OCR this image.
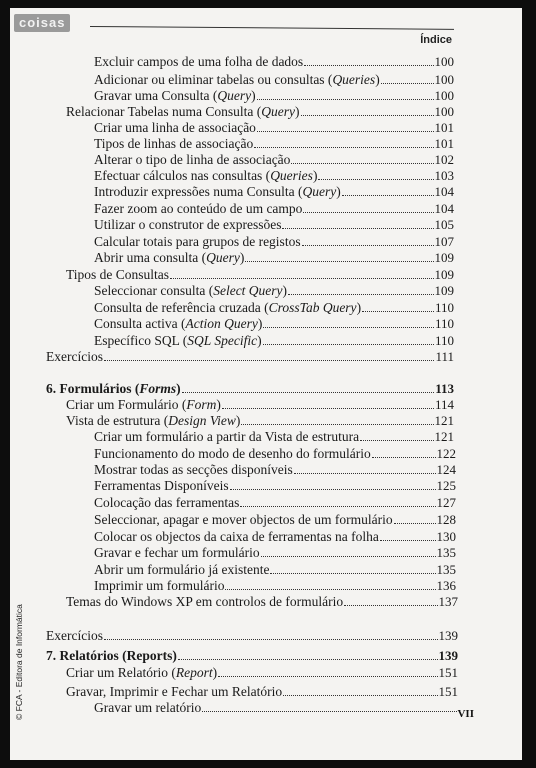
coisas
Índice
Excluir campos de uma folha de dados	100
Adicionar ou eliminar tabelas ou consultas (Queries)	100
Gravar uma Consulta (Query)	100
Relacionar Tabelas numa Consulta (Query)	100
Criar uma linha de associação	101
Tipos de linhas de associação	101
Alterar o tipo de linha de associação	102
Efectuar cálculos nas consultas (Queries)	103
Introduzir expressões numa Consulta (Query)	104
Fazer zoom ao conteúdo de um campo	104
Utilizar o construtor de expressões	105
Calcular totais para grupos de registos	107
Abrir uma consulta (Query)	109
Tipos de Consultas	109
Seleccionar consulta (Select Query)	109
Consulta de referência cruzada (CrossTab Query)	110
Consulta activa (Action Query)	110
Específico SQL (SQL Specific)	110
Exercícios	111
6. Formulários (Forms)	113
Criar um Formulário (Form)	114
Vista de estrutura (Design View)	121
Criar um formulário a partir da Vista de estrutura	121
Funcionamento do modo de desenho do formulário	122
Mostrar todas as secções disponíveis	124
Ferramentas Disponíveis	125
Colocação das ferramentas	127
Seleccionar, apagar e mover objectos de um formulário	128
Colocar os objectos da caixa de ferramentas na folha	130
Gravar e fechar um formulário	135
Abrir um formulário já existente	135
Imprimir um formulário	136
Temas do Windows XP em controlos de formulário	137
Exercícios	139
7. Relatórios (Reports)	139
Criar um Relatório (Report)	151
Gravar, Imprimir e Fechar um Relatório	151
Gravar um relatório
© FCA - Editora de Informática	VII
